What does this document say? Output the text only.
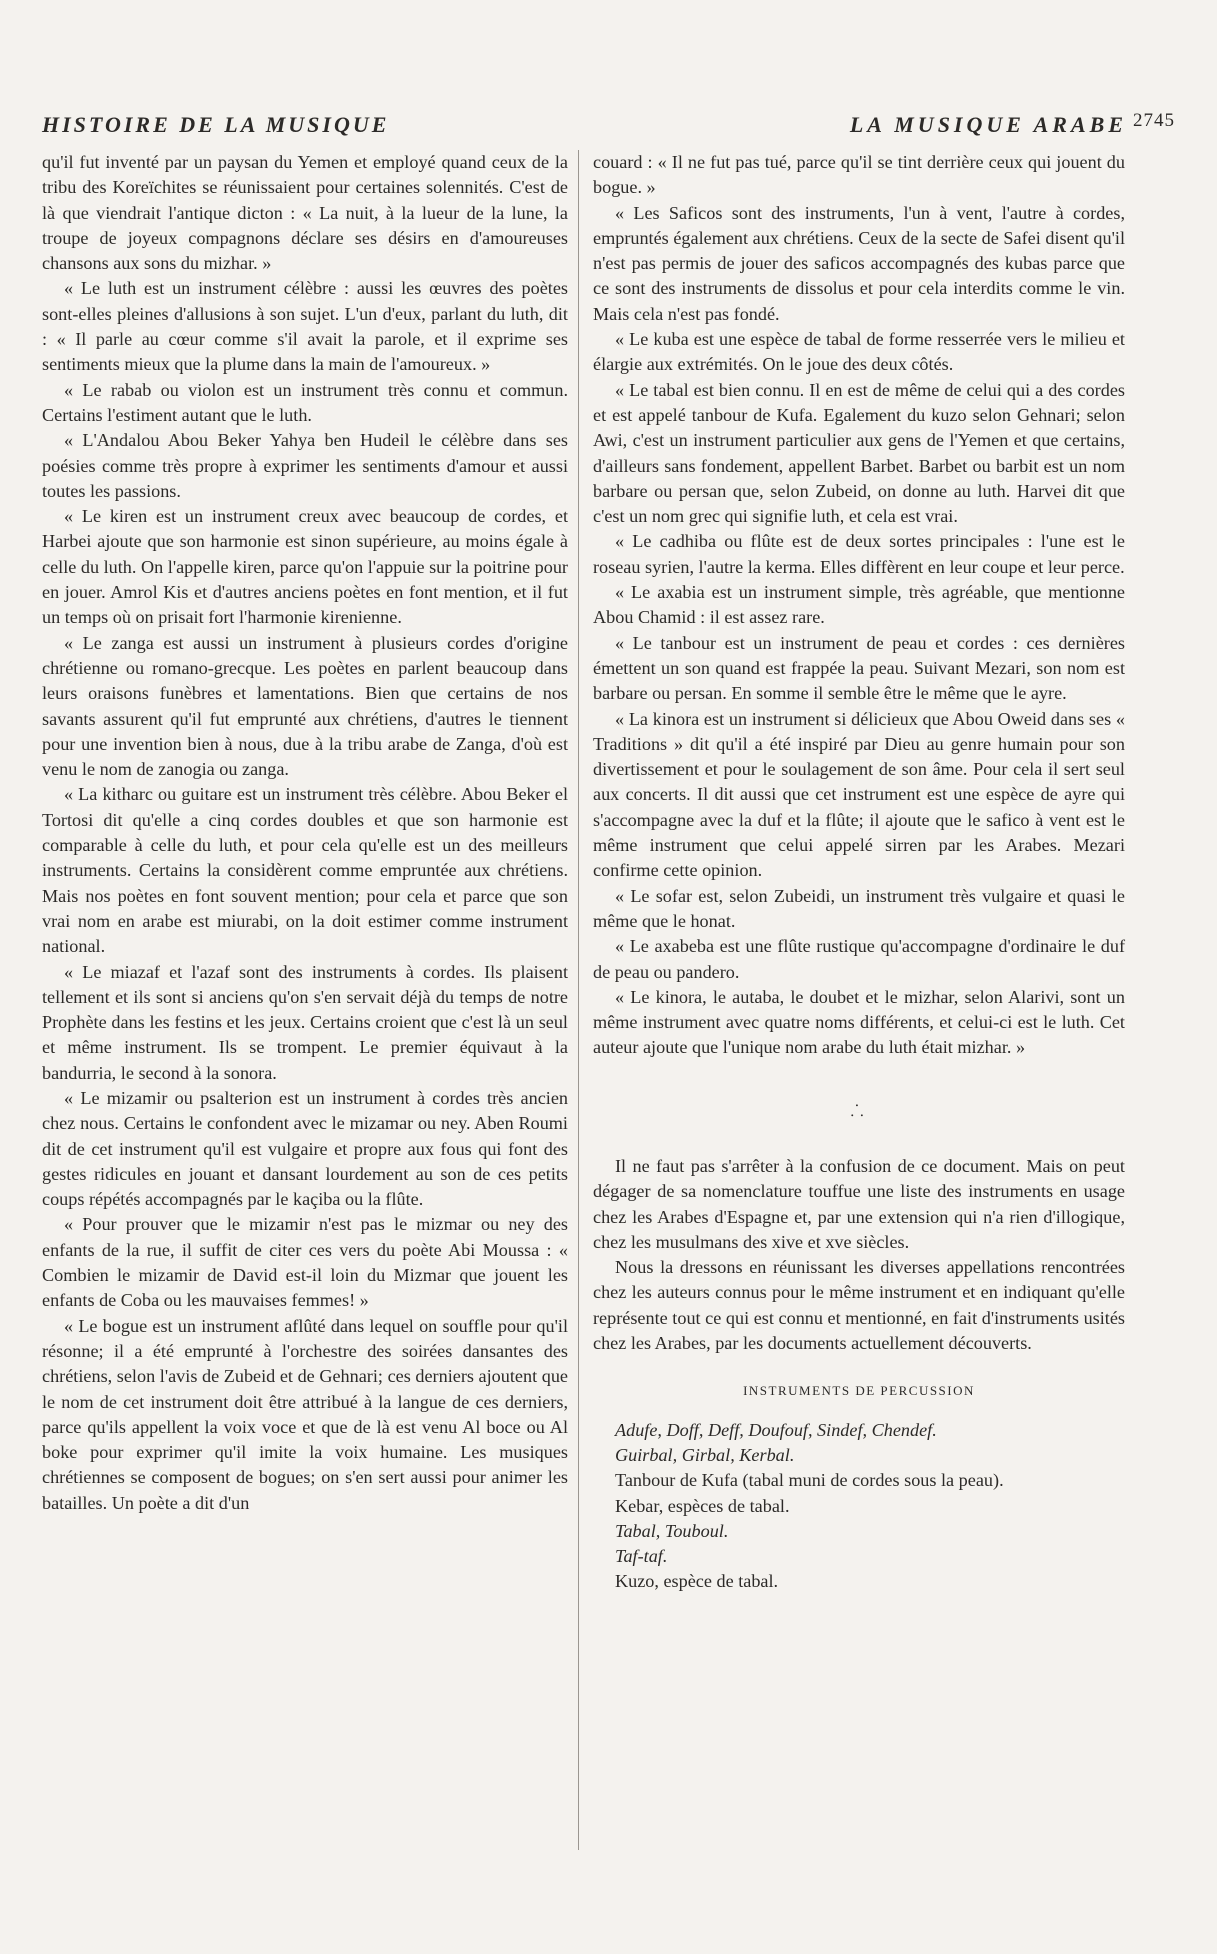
HISTOIRE DE LA MUSIQUE	LA MUSIQUE ARABE 2745

qu'il fut inventé par un paysan du Yemen et employé quand ceux de la tribu des Koreïchites se réunissaient pour certaines solennités. C'est de là que viendrait l'antique dicton : « La nuit, à la lueur de la lune, la troupe de joyeux compagnons déclare ses désirs en d'amoureuses chansons aux sons du mizhar. »

« Le luth est un instrument célèbre : aussi les œuvres des poètes sont-elles pleines d'allusions à son sujet. L'un d'eux, parlant du luth, dit : « Il parle au cœur comme s'il avait la parole, et il exprime ses sentiments mieux que la plume dans la main de l'amoureux. »

« Le rabab ou violon est un instrument très connu et commun. Certains l'estiment autant que le luth.

« L'Andalou Abou Beker Yahya ben Hudeil le célèbre dans ses poésies comme très propre à exprimer les sentiments d'amour et aussi toutes les passions.

« Le kiren est un instrument creux avec beaucoup de cordes, et Harbei ajoute que son harmonie est sinon supérieure, au moins égale à celle du luth. On l'appelle kiren, parce qu'on l'appuie sur la poitrine pour en jouer. Amrol Kis et d'autres anciens poètes en font mention, et il fut un temps où on prisait fort l'harmonie kirenienne.

« Le zanga est aussi un instrument à plusieurs cordes d'origine chrétienne ou romano-grecque. Les poètes en parlent beaucoup dans leurs oraisons funèbres et lamentations. Bien que certains de nos savants assurent qu'il fut emprunté aux chrétiens, d'autres le tiennent pour une invention bien à nous, due à la tribu arabe de Zanga, d'où est venu le nom de zanogia ou zanga.

« La kitharc ou guitare est un instrument très célèbre. Abou Beker el Tortosi dit qu'elle a cinq cordes doubles et que son harmonie est comparable à celle du luth, et pour cela qu'elle est un des meilleurs instruments. Certains la considèrent comme empruntée aux chrétiens. Mais nos poètes en font souvent mention; pour cela et parce que son vrai nom en arabe est miurabi, on la doit estimer comme instrument national.

« Le miazaf et l'azaf sont des instruments à cordes. Ils plaisent tellement et ils sont si anciens qu'on s'en servait déjà du temps de notre Prophète dans les festins et les jeux. Certains croient que c'est là un seul et même instrument. Ils se trompent. Le premier équivaut à la bandurria, le second à la sonora.

« Le mizamir ou psalterion est un instrument à cordes très ancien chez nous. Certains le confondent avec le mizamar ou ney. Aben Roumi dit de cet instrument qu'il est vulgaire et propre aux fous qui font des gestes ridicules en jouant et dansant lourdement au son de ces petits coups répétés accompagnés par le kaçiba ou la flûte.

« Pour prouver que le mizamir n'est pas le mizmar ou ney des enfants de la rue, il suffit de citer ces vers du poète Abi Moussa : « Combien le mizamir de David est-il loin du Mizmar que jouent les enfants de Coba ou les mauvaises femmes! »

« Le bogue est un instrument aflûté dans lequel on souffle pour qu'il résonne; il a été emprunté à l'orchestre des soirées dansantes des chrétiens, selon l'avis de Zubeid et de Gehnari; ces derniers ajoutent que le nom de cet instrument doit être attribué à la langue de ces derniers, parce qu'ils appellent la voix voce et que de là est venu Al boce ou Al boke pour exprimer qu'il imite la voix humaine. Les musiques chrétiennes se composent de bogues; on s'en sert aussi pour animer les batailles. Un poète a dit d'un

couard : « Il ne fut pas tué, parce qu'il se tint derrière ceux qui jouent du bogue. »

« Les Saficos sont des instruments, l'un à vent, l'autre à cordes, empruntés également aux chrétiens. Ceux de la secte de Safei disent qu'il n'est pas permis de jouer des saficos accompagnés des kubas parce que ce sont des instruments de dissolus et pour cela interdits comme le vin. Mais cela n'est pas fondé.

« Le kuba est une espèce de tabal de forme resserrée vers le milieu et élargie aux extrémités. On le joue des deux côtés.

« Le tabal est bien connu. Il en est de même de celui qui a des cordes et est appelé tanbour de Kufa. Egalement du kuzo selon Gehnari; selon Awi, c'est un instrument particulier aux gens de l'Yemen et que certains, d'ailleurs sans fondement, appellent Barbet. Barbet ou barbit est un nom barbare ou persan que, selon Zubeid, on donne au luth. Harvei dit que c'est un nom grec qui signifie luth, et cela est vrai.

« Le cadhiba ou flûte est de deux sortes principales : l'une est le roseau syrien, l'autre la kerma. Elles diffèrent en leur coupe et leur perce.

« Le axabia est un instrument simple, très agréable, que mentionne Abou Chamid : il est assez rare.

« Le tanbour est un instrument de peau et cordes : ces dernières émettent un son quand est frappée la peau. Suivant Mezari, son nom est barbare ou persan. En somme il semble être le même que le ayre.

« La kinora est un instrument si délicieux que Abou Oweid dans ses « Traditions » dit qu'il a été inspiré par Dieu au genre humain pour son divertissement et pour le soulagement de son âme. Pour cela il sert seul aux concerts. Il dit aussi que cet instrument est une espèce de ayre qui s'accompagne avec la duf et la flûte; il ajoute que le safico à vent est le même instrument que celui appelé sirren par les Arabes. Mezari confirme cette opinion.

« Le sofar est, selon Zubeidi, un instrument très vulgaire et quasi le même que le honat.

« Le axabeba est une flûte rustique qu'accompagne d'ordinaire le duf de peau ou pandero.

« Le kinora, le autaba, le doubet et le mizhar, selon Alarivi, sont un même instrument avec quatre noms différents, et celui-ci est le luth. Cet auteur ajoute que l'unique nom arabe du luth était mizhar. »

⸫

Il ne faut pas s'arrêter à la confusion de ce document. Mais on peut dégager de sa nomenclature touffue une liste des instruments en usage chez les Arabes d'Espagne et, par une extension qui n'a rien d'illogique, chez les musulmans des xive et xve siècles.

Nous la dressons en réunissant les diverses appellations rencontrées chez les auteurs connus pour le même instrument et en indiquant qu'elle représente tout ce qui est connu et mentionné, en fait d'instruments usités chez les Arabes, par les documents actuellement découverts.

INSTRUMENTS DE PERCUSSION

Adufe, Doff, Deff, Doufouf, Sindef, Chendef.

Guirbal, Girbal, Kerbal.

Tanbour de Kufa (tabal muni de cordes sous la peau).

Kebar, espèces de tabal.

Tabal, Touboul.

Taf-taf.

Kuzo, espèce de tabal.
